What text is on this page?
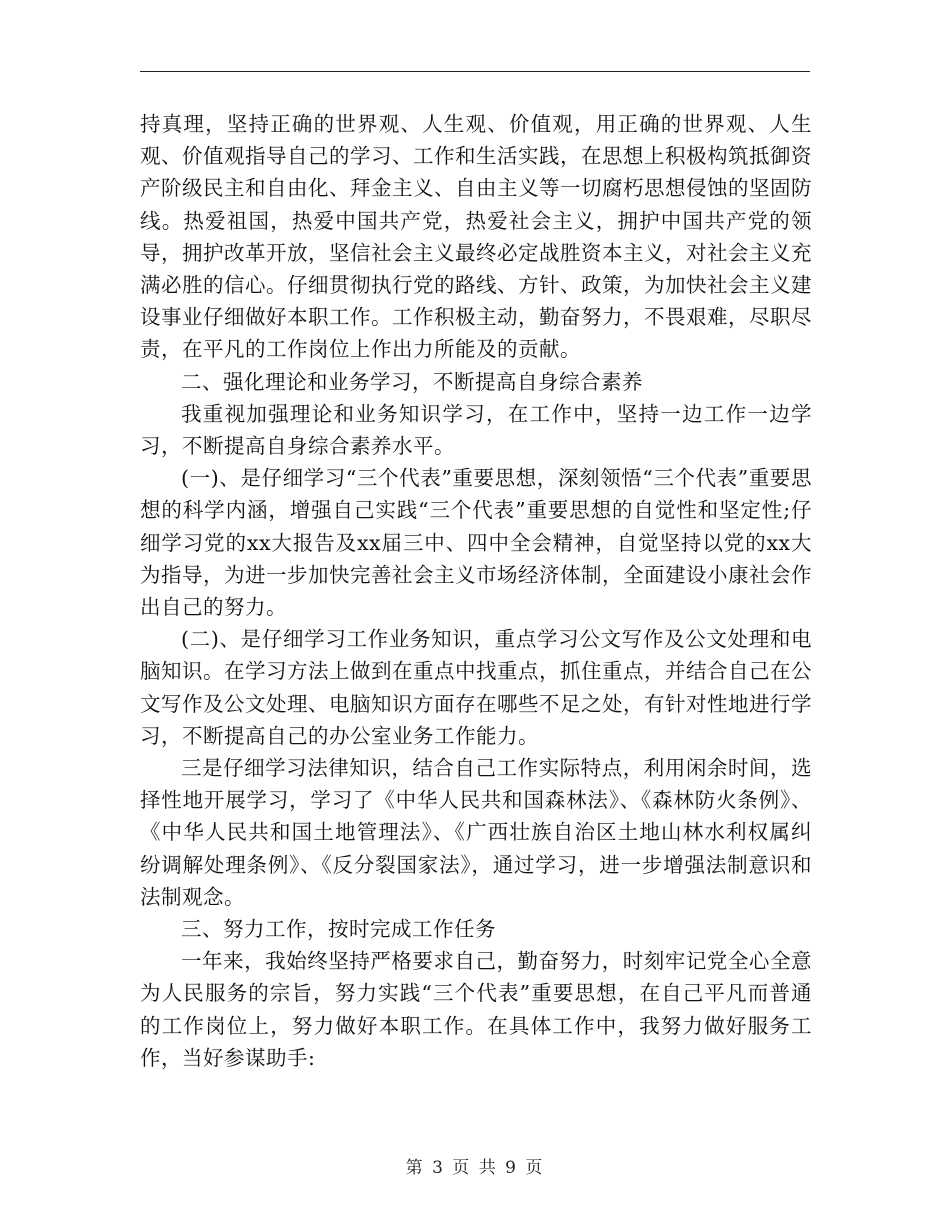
持真理，坚持正确的世界观、人生观、价值观，用正确的世界观、人生观、价值观指导自己的学习、工作和生活实践，在思想上积极构筑抵御资产阶级民主和自由化、拜金主义、自由主义等一切腐朽思想侵蚀的坚固防线。热爱祖国，热爱中国共产党，热爱社会主义，拥护中国共产党的领导，拥护改革开放，坚信社会主义最终必定战胜资本主义，对社会主义充满必胜的信心。仔细贯彻执行党的路线、方针、政策，为加快社会主义建设事业仔细做好本职工作。工作积极主动，勤奋努力，不畏艰难，尽职尽责，在平凡的工作岗位上作出力所能及的贡献。

二、强化理论和业务学习，不断提高自身综合素养

我重视加强理论和业务知识学习，在工作中，坚持一边工作一边学习，不断提高自身综合素养水平。

(一)、是仔细学习“三个代表”重要思想，深刻领悟“三个代表”重要思想的科学内涵，增强自己实践“三个代表”重要思想的自觉性和坚定性;仔细学习党的xx大报告及xx届三中、四中全会精神，自觉坚持以党的xx大为指导，为进一步加快完善社会主义市场经济体制，全面建设小康社会作出自己的努力。

(二)、是仔细学习工作业务知识，重点学习公文写作及公文处理和电脑知识。在学习方法上做到在重点中找重点，抓住重点，并结合自己在公文写作及公文处理、电脑知识方面存在哪些不足之处，有针对性地进行学习，不断提高自己的办公室业务工作能力。

三是仔细学习法律知识，结合自己工作实际特点，利用闲余时间，选择性地开展学习，学习了《中华人民共和国森林法》、《森林防火条例》、《中华人民共和国土地管理法》、《广西壮族自治区土地山林水利权属纠纷调解处理条例》、《反分裂国家法》，通过学习，进一步增强法制意识和法制观念。

三、努力工作，按时完成工作任务

一年来，我始终坚持严格要求自己，勤奋努力，时刻牢记党全心全意为人民服务的宗旨，努力实践“三个代表”重要思想，在自己平凡而普通的工作岗位上，努力做好本职工作。在具体工作中，我努力做好服务工作，当好参谋助手:

第 3 页 共 9 页
